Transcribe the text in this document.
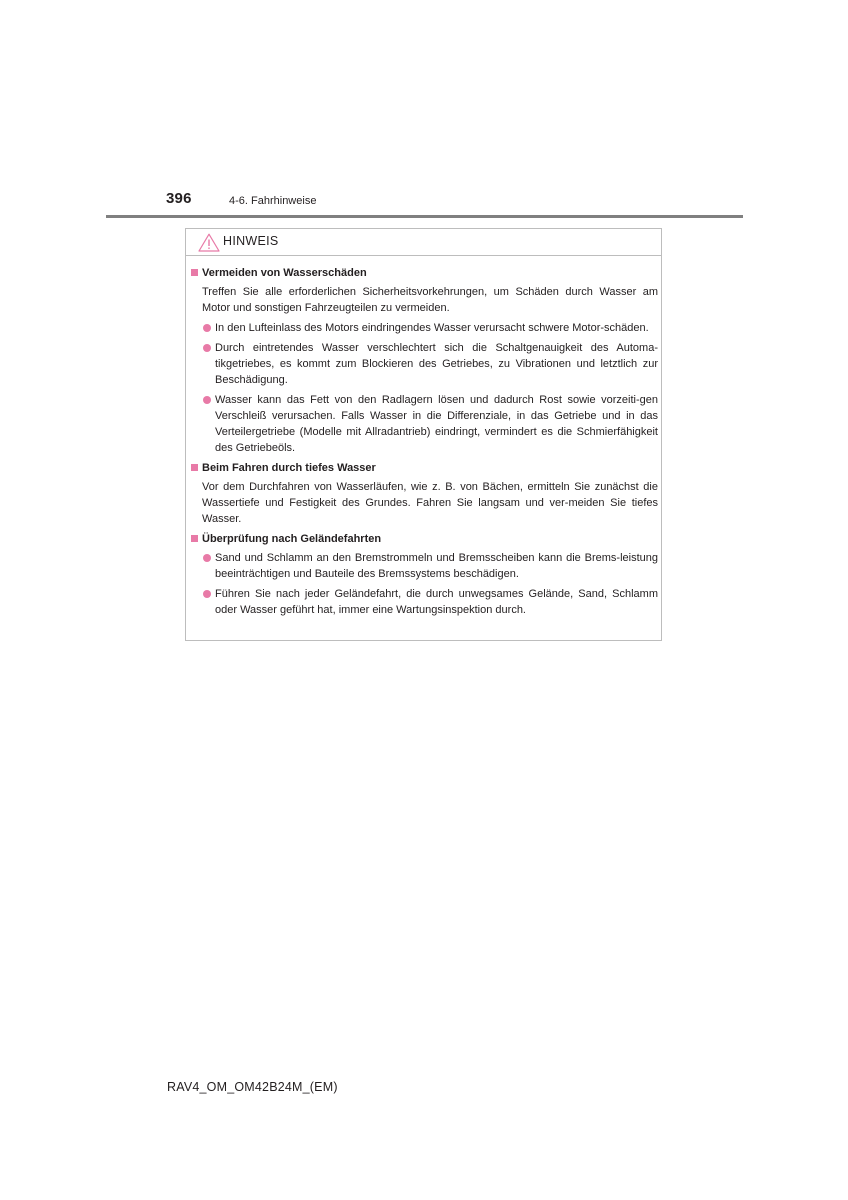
396	4-6. Fahrhinweise
HINWEIS
Vermeiden von Wasserschäden
Treffen Sie alle erforderlichen Sicherheitsvorkehrungen, um Schäden durch Wasser am Motor und sonstigen Fahrzeugteilen zu vermeiden.
In den Lufteinlass des Motors eindringendes Wasser verursacht schwere Motor-schäden.
Durch eintretendes Wasser verschlechtert sich die Schaltgenauigkeit des Automa-tikgetriebes, es kommt zum Blockieren des Getriebes, zu Vibrationen und letztlich zur Beschädigung.
Wasser kann das Fett von den Radlagern lösen und dadurch Rost sowie vorzeiti-gen Verschleiß verursachen. Falls Wasser in die Differenziale, in das Getriebe und in das Verteilergetriebe (Modelle mit Allradantrieb) eindringt, vermindert es die Schmierfähigkeit des Getriebeöls.
Beim Fahren durch tiefes Wasser
Vor dem Durchfahren von Wasserläufen, wie z. B. von Bächen, ermitteln Sie zunächst die Wassertiefe und Festigkeit des Grundes. Fahren Sie langsam und ver-meiden Sie tiefes Wasser.
Überprüfung nach Geländefahrten
Sand und Schlamm an den Bremstrommeln und Bremsscheiben kann die Brems-leistung beeinträchtigen und Bauteile des Bremssystems beschädigen.
Führen Sie nach jeder Geländefahrt, die durch unwegsames Gelände, Sand, Schlamm oder Wasser geführt hat, immer eine Wartungsinspektion durch.
RAV4_OM_OM42B24M_(EM)
